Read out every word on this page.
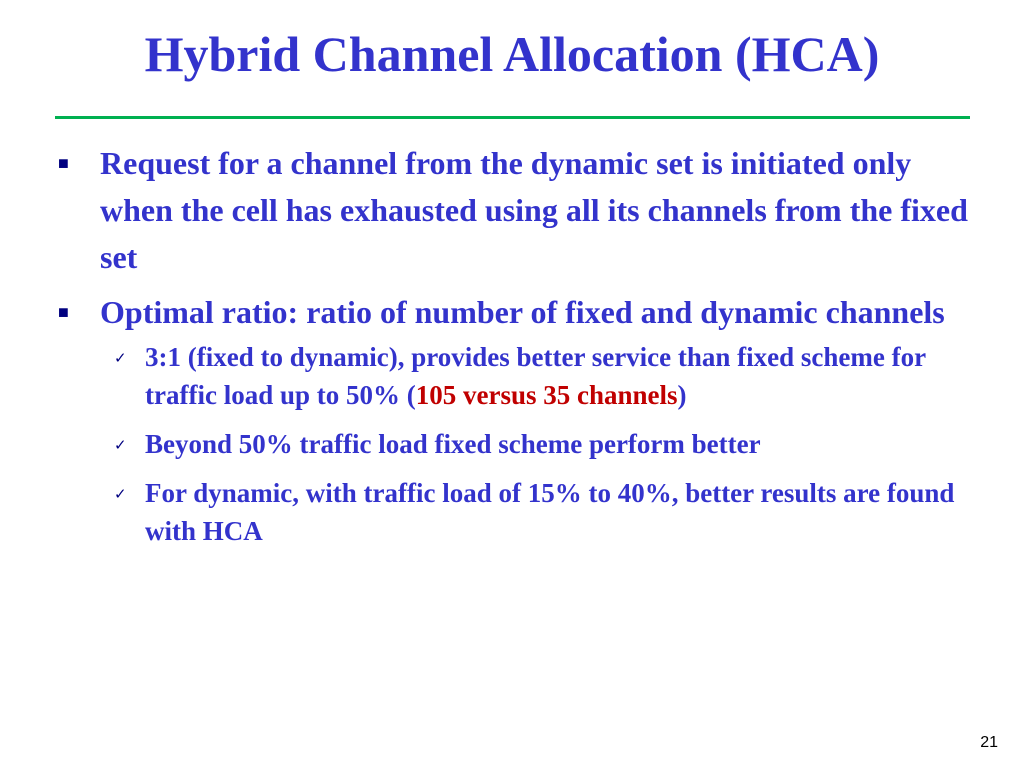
Hybrid Channel Allocation (HCA)
■ Request for a channel from the dynamic set is initiated only when the cell has exhausted using all its channels from the fixed set
■ Optimal ratio: ratio of number of fixed and dynamic channels
✓ 3:1 (fixed to dynamic), provides better service than fixed scheme for traffic load up to 50% (105 versus 35 channels)
✓ Beyond 50% traffic load fixed scheme perform better
✓ For dynamic, with traffic load of 15% to 40%, better results are found with HCA
21
